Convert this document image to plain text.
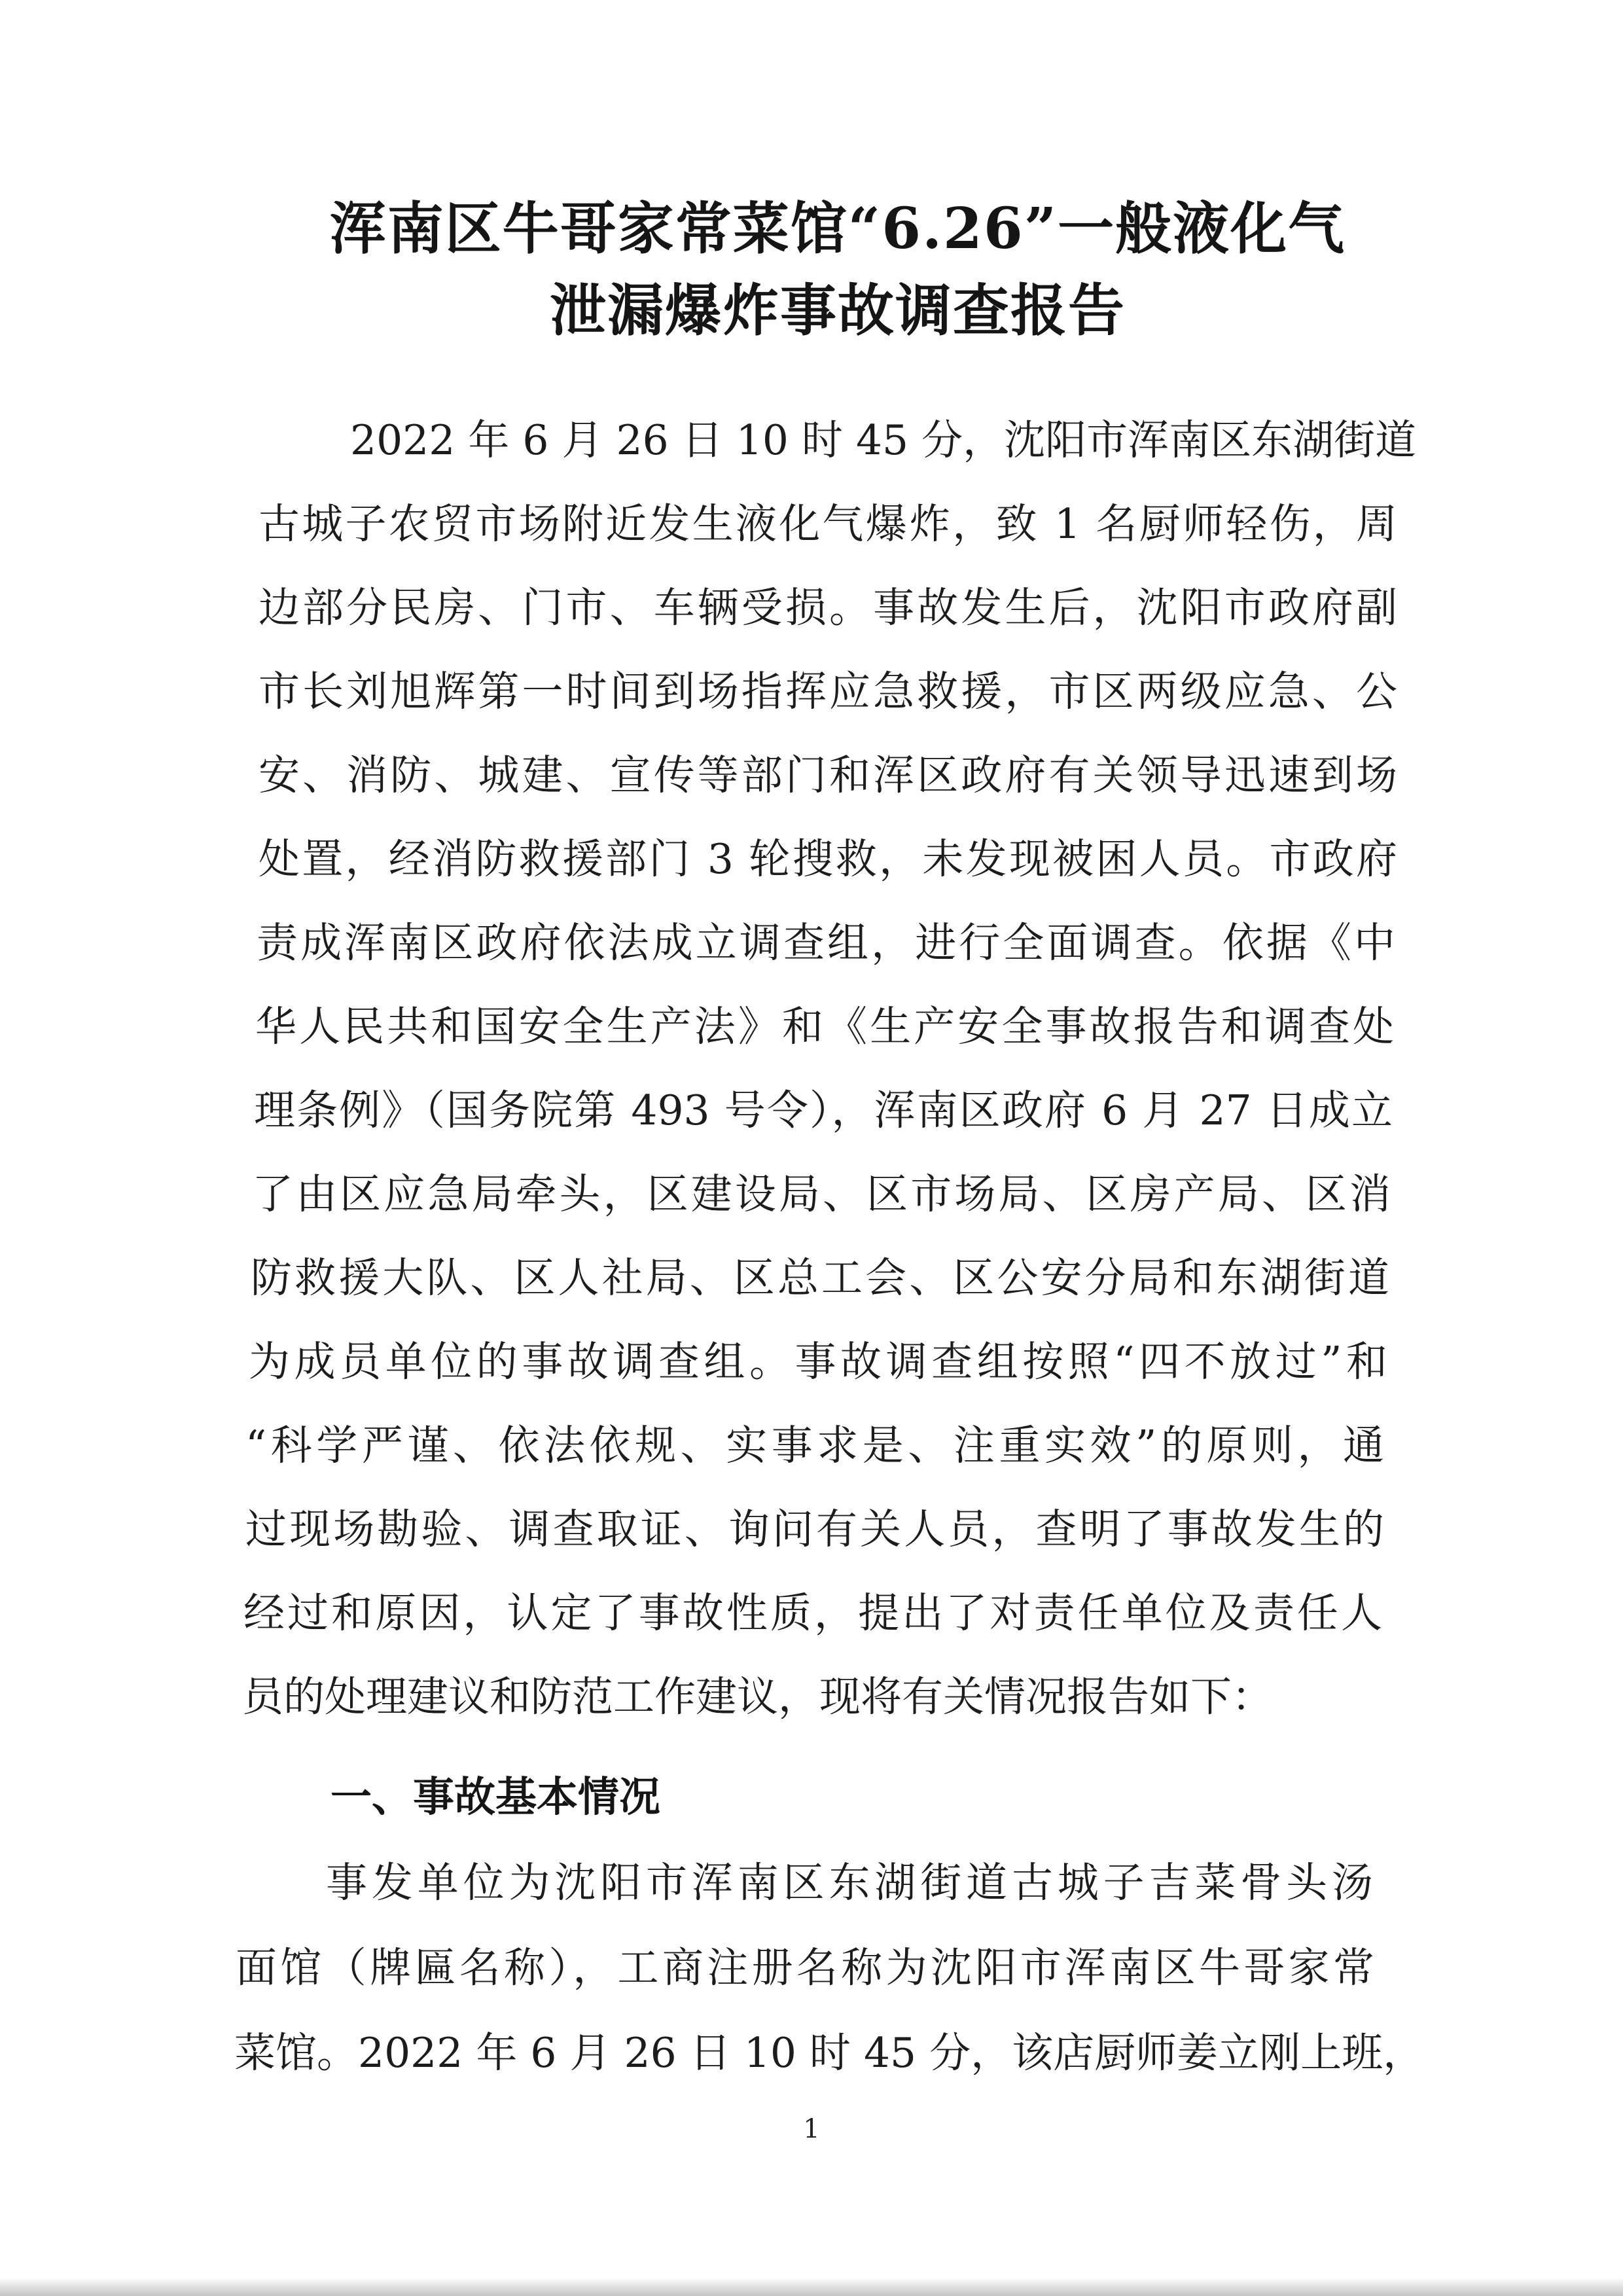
浑南区牛哥家常菜馆“6.26”一般液化气
泄漏爆炸事故调查报告
2022 年 6 月 26 日 10 时 45 分，沈阳市浑南区东湖街道
古城子农贸市场附近发生液化气爆炸，致 1 名厨师轻伤，周
边部分民房、门市、车辆受损。事故发生后，沈阳市政府副
市长刘旭辉第一时间到场指挥应急救援，市区两级应急、公
安、消防、城建、宣传等部门和浑区政府有关领导迅速到场
处置，经消防救援部门 3 轮搜救，未发现被困人员。市政府
责成浑南区政府依法成立调查组，进行全面调查。依据《中
华人民共和国安全生产法》和《生产安全事故报告和调查处
理条例》（国务院第 493 号令），浑南区政府 6 月 27 日成立
了由区应急局牵头，区建设局、区市场局、区房产局、区消
防救援大队、区人社局、区总工会、区公安分局和东湖街道
为成员单位的事故调查组。事故调查组按照“四不放过”和
“科学严谨、依法依规、实事求是、注重实效”的原则，通
过现场勘验、调查取证、询问有关人员，查明了事故发生的
经过和原因，认定了事故性质，提出了对责任单位及责任人
员的处理建议和防范工作建议，现将有关情况报告如下：
一、事故基本情况
事发单位为沈阳市浑南区东湖街道古城子吉菜骨头汤
面馆（牌匾名称），工商注册名称为沈阳市浑南区牛哥家常
菜馆。2022 年 6 月 26 日 10 时 45 分，该店厨师姜立刚上班，
1
